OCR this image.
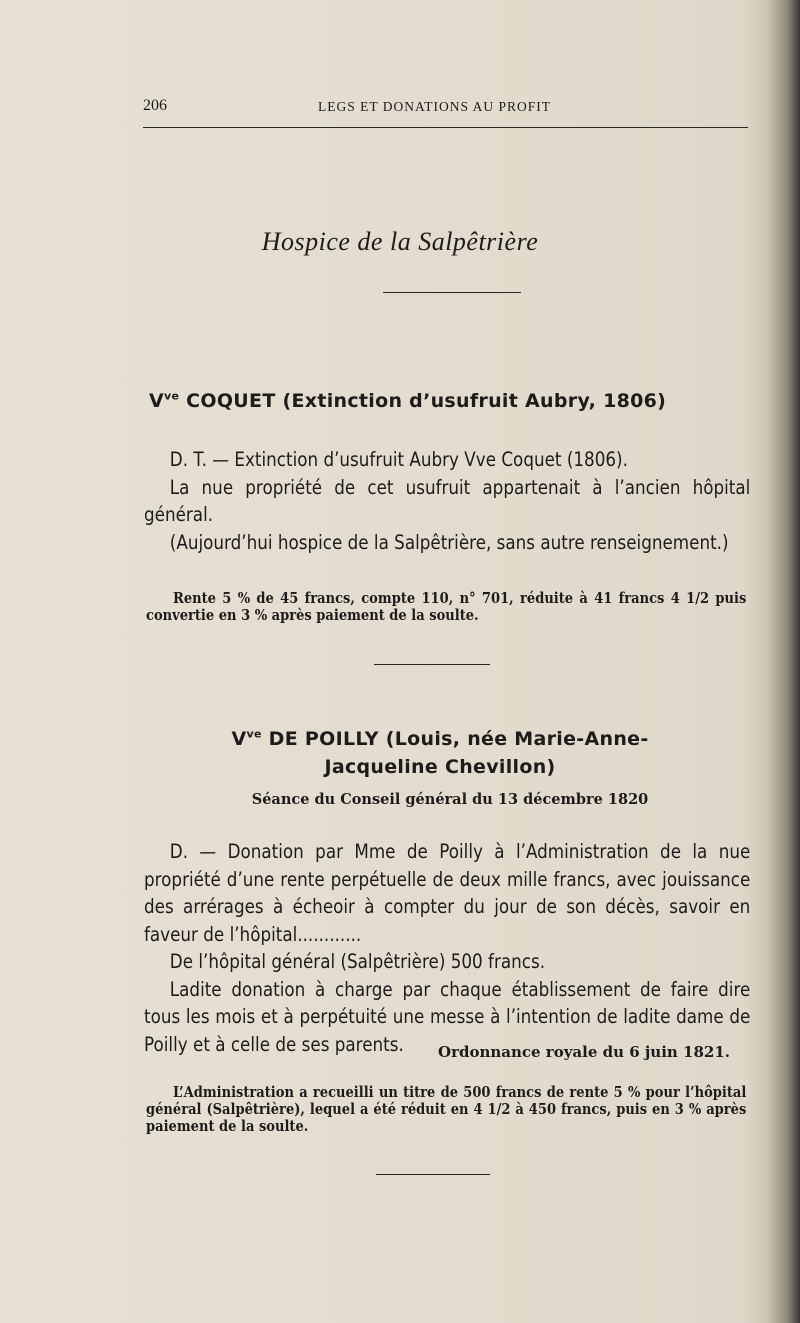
206	LEGS ET DONATIONS AU PROFIT
Hospice de la Salpêtrière
$V^{ve}$ COQUET (Extinction d’usufruit Aubry, 1806)
D. T. — Extinction d’usufruit Aubry Vve Coquet (1806).
La nue propriété de cet usufruit appartenait à l’ancien hôpital général.
(Aujourd’hui hospice de la Salpêtrière, sans autre renseignement.)
Rente 5 % de 45 francs, compte 110, n° 701, réduite à 41 francs 4 1/2 puis convertie en 3 % après paiement de la soulte.
$V^{ve}$ DE POILLY (Louis, née Marie-Anne-
Jacqueline Chevillon)
Séance du Conseil général du 13 décembre 1820
D. — Donation par Mme de Poilly à l’Administration de la nue propriété d’une rente perpétuelle de deux mille francs, avec jouissance des arrérages à écheoir à compter du jour de son décès, savoir en faveur de l’hôpital............
De l’hôpital général (Salpêtrière) 500 francs.
Ladite donation à charge par chaque établissement de faire dire tous les mois et à perpétuité une messe à l’intention de ladite dame de Poilly et à celle de ses parents.	Ordonnance royale du 6 juin 1821.
L’Administration a recueilli un titre de 500 francs de rente 5 % pour l’hôpital général (Salpêtrière), lequel a été réduit en 4 1/2 à 450 francs, puis en 3 % après paiement de la soulte.
